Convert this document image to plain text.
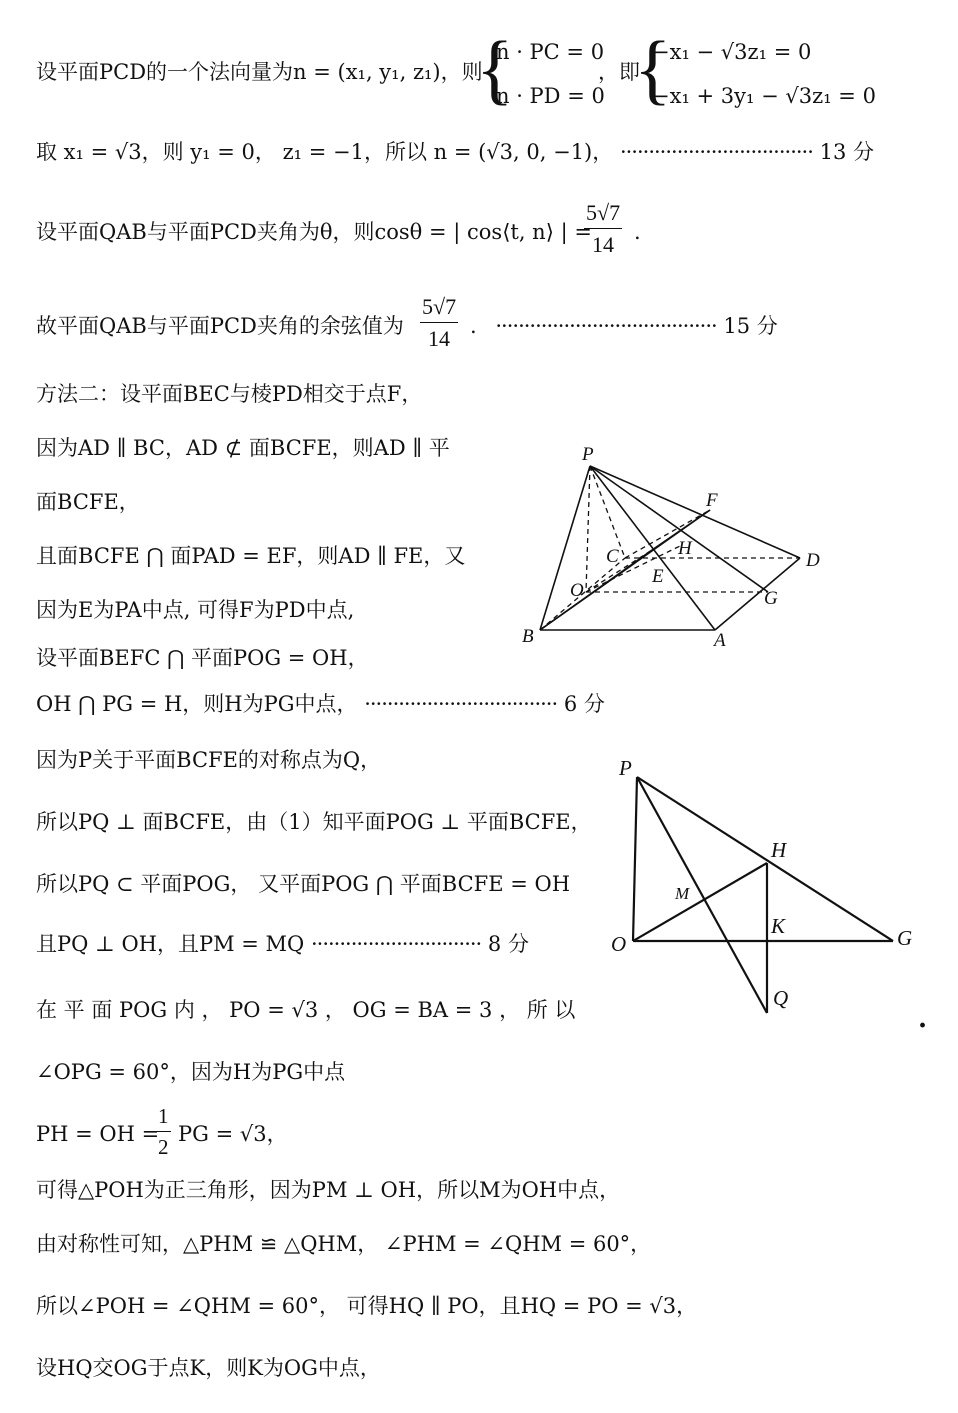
设平面PCD的一个法向量为n = (x₁, y₁, z₁)，则
{
n · PC = 0
n · PD = 0
，即
{
−x₁ − √3z₁ = 0
−x₁ + 3y₁ − √3z₁ = 0
取 x₁ = √3，则 y₁ = 0， z₁ = −1，所以 n = (√3, 0, −1)， ·································· 13 分
设平面QAB与平面PCD夹角为θ，则cosθ = | cos⟨t, n⟩ | =
$\frac{5√7}{14}$ .
故平面QAB与平面PCD夹角的余弦值为 $\frac{5√7}{14}$ . ······································· 15 分
方法二：设平面BEC与棱PD相交于点F，
因为AD ∥ BC，AD ⊄ 面BCFE，则AD ∥ 平
面BCFE，
且面BCFE ⋂ 面PAD = EF，则AD ∥ FE，又
因为E为PA中点, 可得F为PD中点,
设平面BEFC ⋂ 平面POG = OH，
OH ⋂ PG = H，则H为PG中点， ·································· 6 分
因为P关于平面BCFE的对称点为Q，
所以PQ ⊥ 面BCFE，由（1）知平面POG ⊥ 平面BCFE，
所以PQ ⊂ 平面POG， 又平面POG ⋂ 平面BCFE = OH
且PQ ⊥ OH，且PM = MQ ······························ 8 分
在 平 面 POG 内 ， PO = √3 ， OG = BA = 3 ， 所 以
∠OPG = 60°，因为H为PG中点
PH = OH =
$\frac{1}{2}$ PG = √3，
可得△POH为正三角形，因为PM ⊥ OH，所以M为OH中点，
由对称性可知，△PHM ≌ △QHM， ∠PHM = ∠QHM = 60°，
所以∠POH = ∠QHM = 60°， 可得HQ ∥ PO，且HQ = PO = √3，
设HQ交OG于点K，则K为OG中点，
.
P
F
C	H
D
E
O	G
B	A
P
H
M
O
K	G
Q
